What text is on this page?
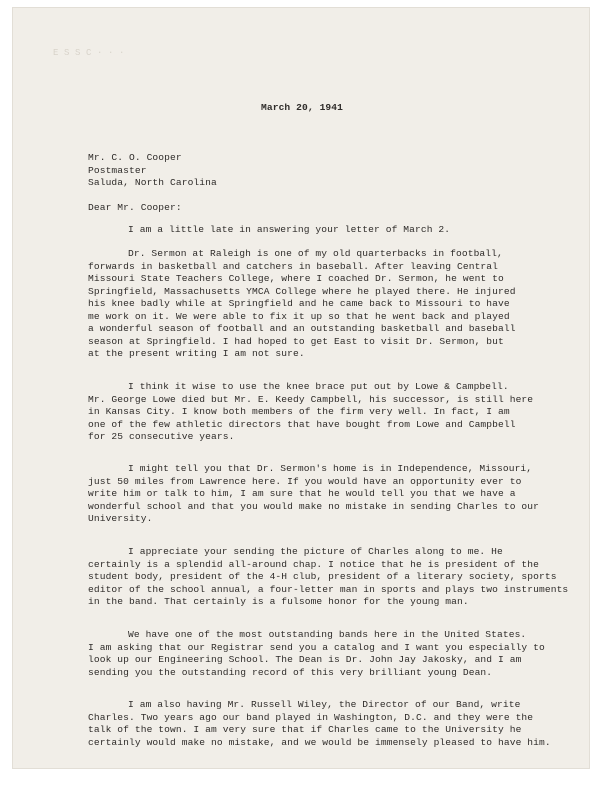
E S S C · · ·
March 20, 1941
Mr. C. O. Cooper
Postmaster
Saluda, North Carolina
Dear Mr. Cooper:
I am a little late in answering your letter of March 2.
Dr. Sermon at Raleigh is one of my old quarterbacks in football,
forwards in basketball and catchers in baseball. After leaving Central
Missouri State Teachers College, where I coached Dr. Sermon, he went to
Springfield, Massachusetts YMCA College where he played there. He injured
his knee badly while at Springfield and he came back to Missouri to have
me work on it. We were able to fix it up so that he went back and played
a wonderful season of football and an outstanding basketball and baseball
season at Springfield. I had hoped to get East to visit Dr. Sermon, but
at the present writing I am not sure.
I think it wise to use the knee brace put out by Lowe & Campbell.
Mr. George Lowe died but Mr. E. Keedy Campbell, his successor, is still here
in Kansas City. I know both members of the firm very well. In fact, I am
one of the few athletic directors that have bought from Lowe and Campbell
for 25 consecutive years.
I might tell you that Dr. Sermon's home is in Independence, Missouri,
just 50 miles from Lawrence here. If you would have an opportunity ever to
write him or talk to him, I am sure that he would tell you that we have a
wonderful school and that you would make no mistake in sending Charles to our
University.
I appreciate your sending the picture of Charles along to me. He
certainly is a splendid all-around chap. I notice that he is president of the
student body, president of the 4-H club, president of a literary society, sports
editor of the school annual, a four-letter man in sports and plays two instruments
in the band. That certainly is a fulsome honor for the young man.
We have one of the most outstanding bands here in the United States.
I am asking that our Registrar send you a catalog and I want you especially to
look up our Engineering School. The Dean is Dr. John Jay Jakosky, and I am
sending you the outstanding record of this very brilliant young Dean.
I am also having Mr. Russell Wiley, the Director of our Band, write
Charles. Two years ago our band played in Washington, D.C. and they were the
talk of the town. I am very sure that if Charles came to the University he
certainly would make no mistake, and we would be immensely pleased to have him.
